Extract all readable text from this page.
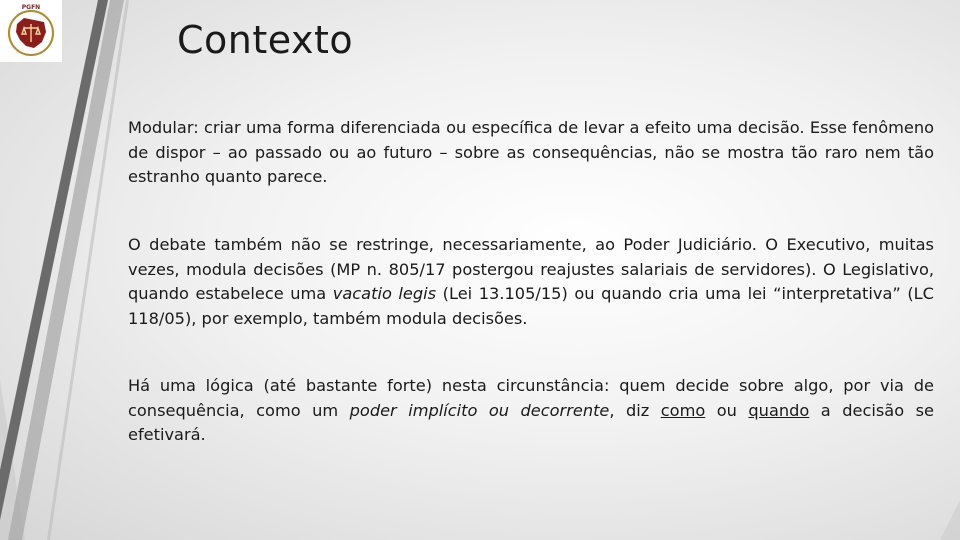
PGFN
Contexto

Modular: criar uma forma diferenciada ou específica de levar a efeito uma decisão. Esse fenômeno de dispor – ao passado ou ao futuro – sobre as consequências, não se mostra tão raro nem tão estranho quanto parece.

O debate também não se restringe, necessariamente, ao Poder Judiciário. O Executivo, muitas vezes, modula decisões (MP n. 805/17 postergou reajustes salariais de servidores). O Legislativo, quando estabelece uma vacatio legis (Lei 13.105/15) ou quando cria uma lei “interpretativa” (LC 118/05), por exemplo, também modula decisões.

Há uma lógica (até bastante forte) nesta circunstância: quem decide sobre algo, por via de consequência, como um poder implícito ou decorrente, diz como ou quando a decisão se efetivará.
